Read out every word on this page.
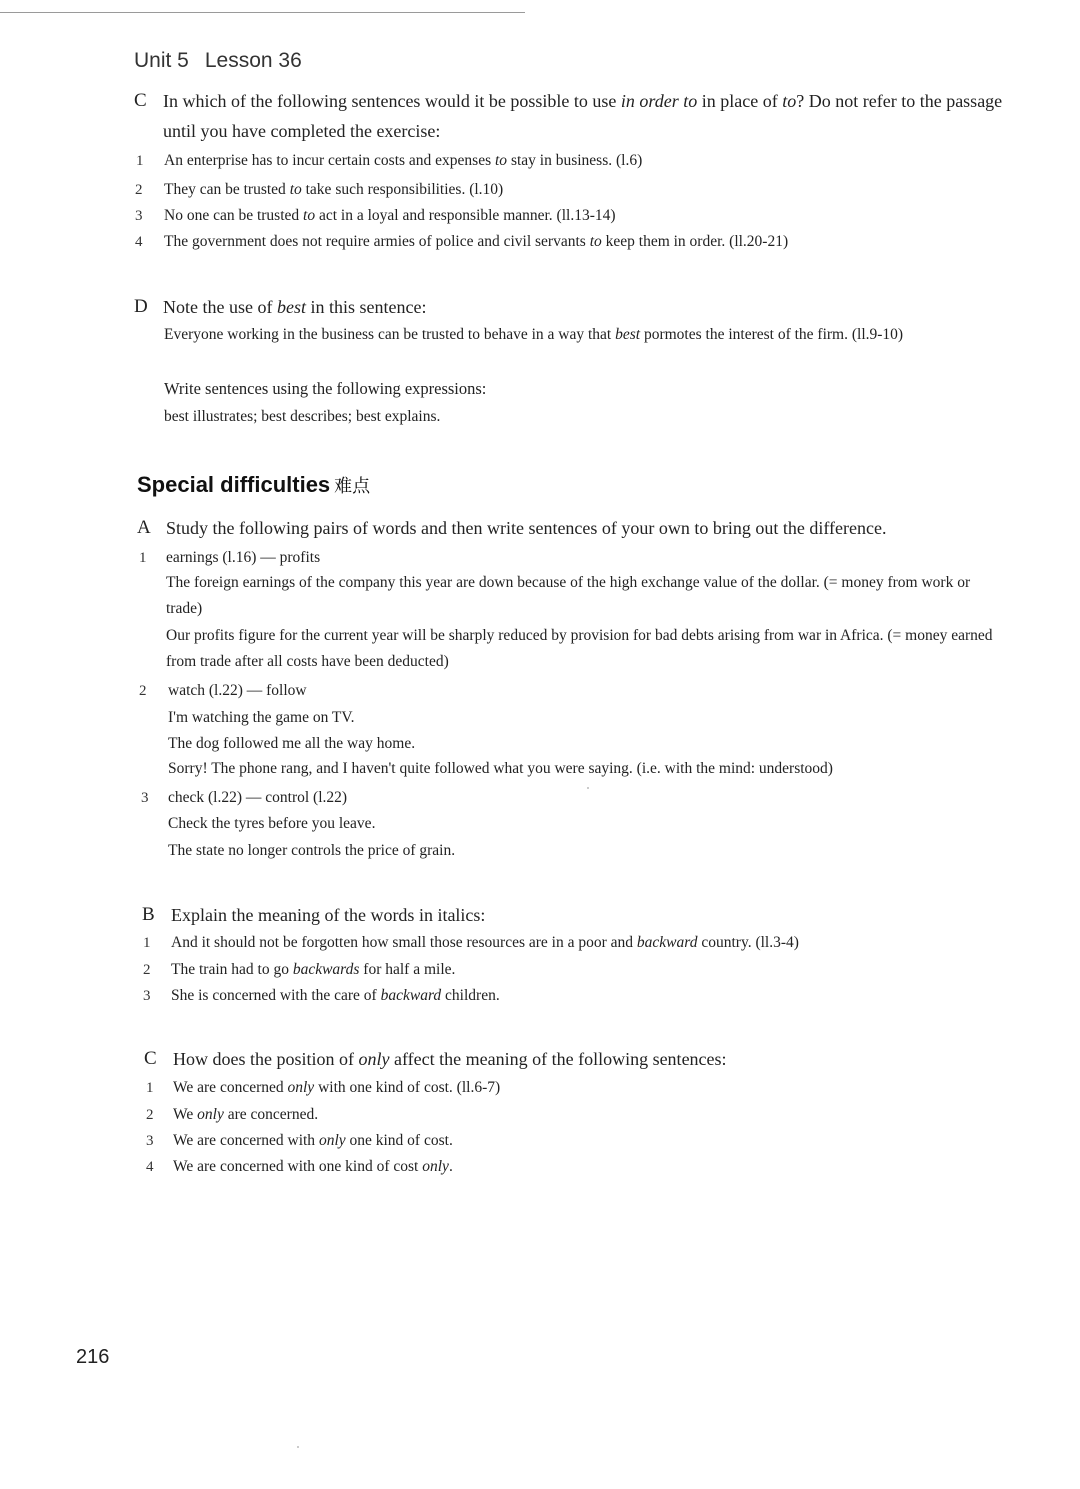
Unit 5 Lesson 36
C In which of the following sentences would it be possible to use in order to in place of to? Do not refer to the passage until you have completed the exercise:
1 An enterprise has to incur certain costs and expenses to stay in business. (l.6)
2 They can be trusted to take such responsibilities. (l.10)
3 No one can be trusted to act in a loyal and responsible manner. (ll.13-14)
4 The government does not require armies of police and civil servants to keep them in order. (ll.20-21)
D Note the use of best in this sentence:
Everyone working in the business can be trusted to behave in a way that best pormotes the interest of the firm. (ll.9-10)
Write sentences using the following expressions:
best illustrates; best describes; best explains.
Special difficulties 难点
A Study the following pairs of words and then write sentences of your own to bring out the difference.
1 earnings (l.16) — profits
The foreign earnings of the company this year are down because of the high exchange value of the dollar. (= money from work or trade)
Our profits figure for the current year will be sharply reduced by provision for bad debts arising from war in Africa. (= money earned from trade after all costs have been deducted)
2 watch (l.22) — follow
I'm watching the game on TV.
The dog followed me all the way home.
Sorry! The phone rang, and I haven't quite followed what you were saying. (i.e. with the mind: understood)
3 check (l.22) — control (l.22)
Check the tyres before you leave.
The state no longer controls the price of grain.
B Explain the meaning of the words in italics:
1 And it should not be forgotten how small those resources are in a poor and backward country. (ll.3-4)
2 The train had to go backwards for half a mile.
3 She is concerned with the care of backward children.
C How does the position of only affect the meaning of the following sentences:
1 We are concerned only with one kind of cost. (ll.6-7)
2 We only are concerned.
3 We are concerned with only one kind of cost.
4 We are concerned with one kind of cost only.
216
